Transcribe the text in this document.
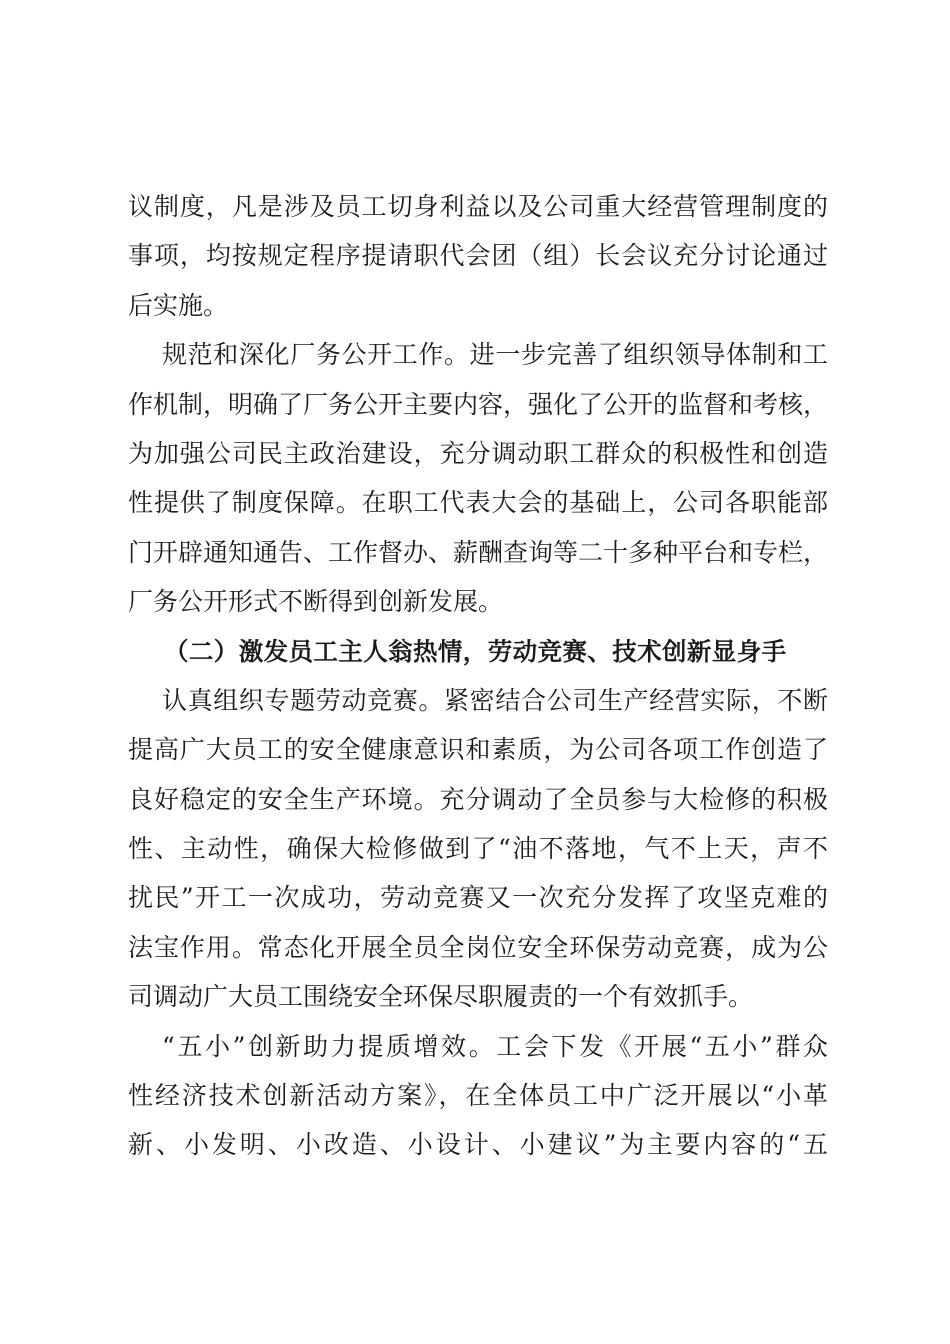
议制度，凡是涉及员工切身利益以及公司重大经营管理制度的
事项，均按规定程序提请职代会团（组）长会议充分讨论通过
后实施。
规范和深化厂务公开工作。进一步完善了组织领导体制和工
作机制，明确了厂务公开主要内容，强化了公开的监督和考核，
为加强公司民主政治建设，充分调动职工群众的积极性和创造
性提供了制度保障。在职工代表大会的基础上，公司各职能部
门开辟通知通告、工作督办、薪酬查询等二十多种平台和专栏，
厂务公开形式不断得到创新发展。
（二）激发员工主人翁热情，劳动竞赛、技术创新显身手
认真组织专题劳动竞赛。紧密结合公司生产经营实际，不断
提高广大员工的安全健康意识和素质，为公司各项工作创造了
良好稳定的安全生产环境。充分调动了全员参与大检修的积极
性、主动性，确保大检修做到了“油不落地，气不上天，声不
扰民”开工一次成功，劳动竞赛又一次充分发挥了攻坚克难的
法宝作用。常态化开展全员全岗位安全环保劳动竞赛，成为公
司调动广大员工围绕安全环保尽职履责的一个有效抓手。
“五小”创新助力提质增效。工会下发《开展“五小”群众
性经济技术创新活动方案》，在全体员工中广泛开展以“小革
新、小发明、小改造、小设计、小建议”为主要内容的“五
